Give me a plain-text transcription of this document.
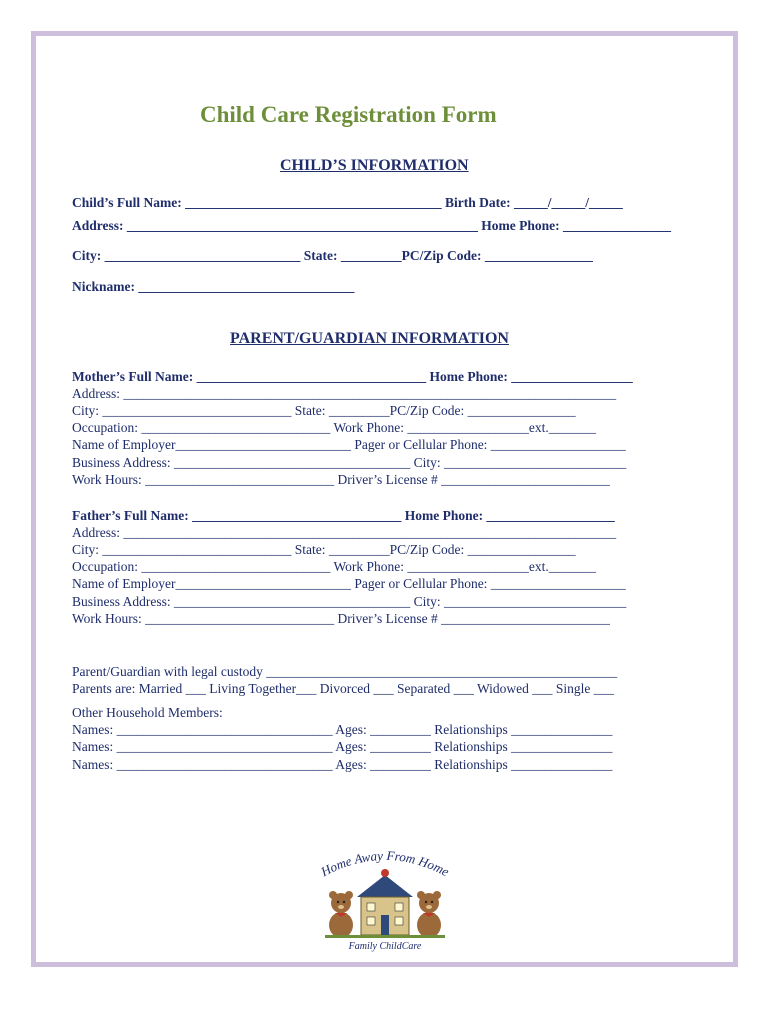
Child Care Registration Form
CHILD’S INFORMATION
Child’s Full Name: ______________________________________ Birth Date: _____/_____/_____
Address: ____________________________________________________ Home Phone: ________________
City: _____________________________ State: _________PC/Zip Code: ________________
Nickname: ________________________________
PARENT/GUARDIAN INFORMATION
Mother’s Full Name: __________________________________ Home Phone: __________________
Address: _________________________________________________________________________
City: ____________________________ State: _________PC/Zip Code: ________________
Occupation: ____________________________ Work Phone: __________________ext._______
Name of Employer__________________________ Pager or Cellular Phone: ____________________
Business Address: ___________________________________ City: ___________________________
Work Hours: ____________________________ Driver’s License # _________________________
Father’s Full Name: _______________________________ Home Phone: ___________________
Address: _________________________________________________________________________
City: ____________________________ State: _________PC/Zip Code: ________________
Occupation: ____________________________ Work Phone: __________________ext._______
Name of Employer__________________________ Pager or Cellular Phone: ____________________
Business Address: ___________________________________ City: ___________________________
Work Hours: ____________________________ Driver’s License # _________________________
Parent/Guardian with legal custody ____________________________________________________
Parents are: Married ___ Living Together___ Divorced ___ Separated ___ Widowed ___ Single ___
Other Household Members:
Names: ________________________________ Ages: _________ Relationships _______________
Names: ________________________________ Ages: _________ Relationships _______________
Names: ________________________________ Ages: _________ Relationships _______________
Home Away From Home
Family ChildCare
